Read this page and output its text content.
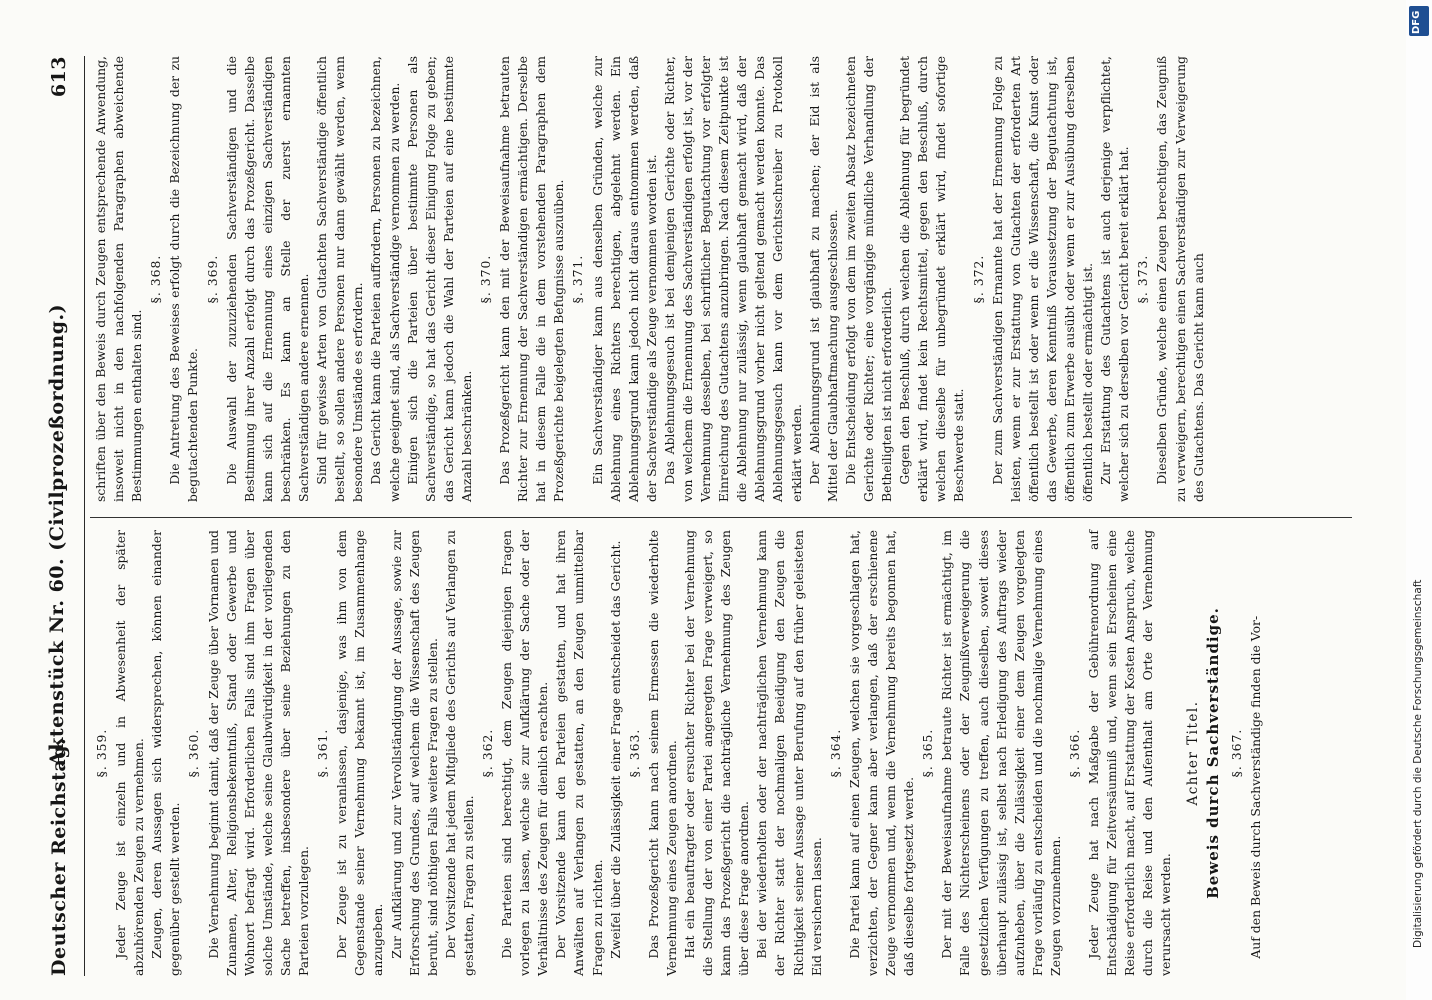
Deutscher Reichstag.
Aktenstück Nr. 60. (Civilprozeßordnung.)
613
§. 359. Jeder Zeuge ist einzeln und in Abwesenheit der später abzuhörenden Zeugen zu vernehmen. Zeugen, deren Aussagen sich widersprechen, können einander gegenüber gestellt werden.

§. 360. Die Vernehmung beginnt damit, daß der Zeuge über Vornamen und Zunamen, Alter, Religionsbekenntniß, Stand oder Gewerbe und Wohnort befragt wird. Erforderlichen Falls sind ihm Fragen über solche Umstände, welche seine Glaubwürdigkeit in der vorliegenden Sache betreffen, insbesondere über seine Beziehungen zu den Parteien vorzulegen.

§. 361. Der Zeuge ist zu veranlassen, dasjenige, was ihm von dem Gegenstande seiner Vernehmung bekannt ist, im Zusammenhange anzugeben. Zur Aufklärung und zur Vervollständigung der Aussage, sowie zur Erforschung des Grundes, auf welchem die Wissenschaft des Zeugen beruht, sind nöthigen Falls weitere Fragen zu stellen. Der Vorsitzende hat jedem Mitgliede des Gerichts auf Verlangen zu gestatten, Fragen zu stellen.

§. 362. Die Parteien sind berechtigt, dem Zeugen diejenigen Fragen vorlegen zu lassen, welche sie zur Aufklärung der Sache oder der Verhältnisse des Zeugen für dienlich erachten. Der Vorsitzende kann den Parteien gestatten, und hat ihren Anwälten auf Verlangen zu gestatten, an den Zeugen unmittelbar Fragen zu richten. Zweifel über die Zulässigkeit einer Frage entscheidet das Gericht. §. 363. Das Prozeßgericht kann nach seinem Ermessen die wiederholte Vernehmung eines Zeugen anordnen. Hat ein beauftragter oder ersuchter Richter bei der Vernehmung die Stellung der von einer Partei angeregten Frage verweigert, so kann das Prozeßgericht die nachträgliche Vernehmung des Zeugen über diese Frage anordnen. Bei der wiederholten oder der nachträglichen Vernehmung kann der Richter statt der nochmaligen Beeidigung den Zeugen die Richtigkeit seiner Aussage unter Berufung auf den früher geleisteten Eid versichern lassen.

§. 364. Die Partei kann auf einen Zeugen, welchen sie vorgeschlagen hat, verzichten, der Gegner kann aber verlangen, daß der erschienene Zeuge vernommen und, wenn die Vernehmung bereits begonnen hat, daß dieselbe fortgesetzt werde.

§. 365. Der mit der Beweisaufnahme betraute Richter ist ermächtigt, im Falle des Nichterscheinens oder der Zeugnißverweigerung die gesetzlichen Verfügungen zu treffen, auch dieselben, soweit dieses überhaupt zulässig ist, selbst nach Erledigung des Auftrags wieder aufzuheben, über die Zulässigkeit einer dem Zeugen vorgelegten Frage vorläufig zu entscheiden und die nochmalige Vernehmung eines Zeugen vorzunehmen.

§. 366. Jeder Zeuge hat nach Maßgabe der Gebührenordnung auf Entschädigung für Zeitversäumniß und, wenn sein Erscheinen eine Reise erforderlich macht, auf Erstattung der Kosten Anspruch, welche durch die Reise und den Aufenthalt am Orte der Vernehmung verursacht werden.

Achter Titel. Beweis durch Sachverständige. §. 367. Auf den Beweis durch Sachverständige finden die Vor-

schriften über den Beweis durch Zeugen entsprechende Anwendung, insoweit nicht in den nachfolgenden Paragraphen abweichende Bestimmungen enthalten sind.

§. 368. Die Antretung des Beweises erfolgt durch die Bezeichnung der zu begutachtenden Punkte.

§. 369. Die Auswahl der zuzuziehenden Sachverständigen und die Bestimmung ihrer Anzahl erfolgt durch das Prozeßgericht. Dasselbe kann sich auf die Ernennung eines einzigen Sachverständigen beschränken. Es kann an Stelle der zuerst ernannten Sachverständigen andere ernennen. Sind für gewisse Arten von Gutachten Sachverständige öffentlich bestellt, so sollen andere Personen nur dann gewählt werden, wenn besondere Umstände es erfordern. Das Gericht kann die Parteien auffordern, Personen zu bezeichnen, welche geeignet sind, als Sachverständige vernommen zu werden. Einigen sich die Parteien über bestimmte Personen als Sachverständige, so hat das Gericht dieser Einigung Folge zu geben; das Gericht kann jedoch die Wahl der Parteien auf eine bestimmte Anzahl beschränken.

§. 370. Das Prozeßgericht kann den mit der Beweisaufnahme betrauten Richter zur Ernennung der Sachverständigen ermächtigen. Derselbe hat in diesem Falle die in dem vorstehenden Paragraphen dem Prozeßgerichte beigelegten Befugnisse auszuüben. §. 371. Ein Sachverständiger kann aus denselben Gründen, welche zur Ablehnung eines Richters berechtigen, abgelehnt werden. Ein Ablehnungsgrund kann jedoch nicht daraus entnommen werden, daß der Sachverständige als Zeuge vernommen worden ist. Das Ablehnungsgesuch ist bei demjenigen Gerichte oder Richter, von welchem die Ernennung des Sachverständigen erfolgt ist, vor der Vernehmung desselben, bei schriftlicher Begutachtung vor erfolgter Einreichung des Gutachtens anzubringen. Nach diesem Zeitpunkte ist die Ablehnung nur zulässig, wenn glaubhaft gemacht wird, daß der Ablehnungsgrund vorher nicht geltend gemacht werden konnte. Das Ablehnungsgesuch kann vor dem Gerichtsschreiber zu Protokoll erklärt werden. Der Ablehnungsgrund ist glaubhaft zu machen; der Eid ist als Mittel der Glaubhaftmachung ausgeschlossen. Die Entscheidung erfolgt von dem im zweiten Absatz bezeichneten Gerichte oder Richter; eine vorgängige mündliche Verhandlung der Betheiligten ist nicht erforderlich. Gegen den Beschluß, durch welchen die Ablehnung für begründet erklärt wird, findet kein Rechtsmittel, gegen den Beschluß, durch welchen dieselbe für unbegründet erklärt wird, findet sofortige Beschwerde statt.

§. 372. Der zum Sachverständigen Ernannte hat der Ernennung Folge zu leisten, wenn er zur Erstattung von Gutachten der erforderten Art öffentlich bestellt ist oder wenn er die Wissenschaft, die Kunst oder das Gewerbe, deren Kenntniß Voraussetzung der Begutachtung ist, öffentlich zum Erwerbe ausübt oder wenn er zur Ausübung derselben öffentlich bestellt oder ermächtigt ist. Zur Erstattung des Gutachtens ist auch derjenige verpflichtet, welcher sich zu derselben vor Gericht bereit erklärt hat. §. 373. Dieselben Gründe, welche einen Zeugen berechtigen, das Zeugniß zu verweigern, berechtigen einen Sachverständigen zur Verweigerung des Gutachtens. Das Gericht kann auch

DFG
Digitalisierung gefördert durch die Deutsche Forschungsgemeinschaft
